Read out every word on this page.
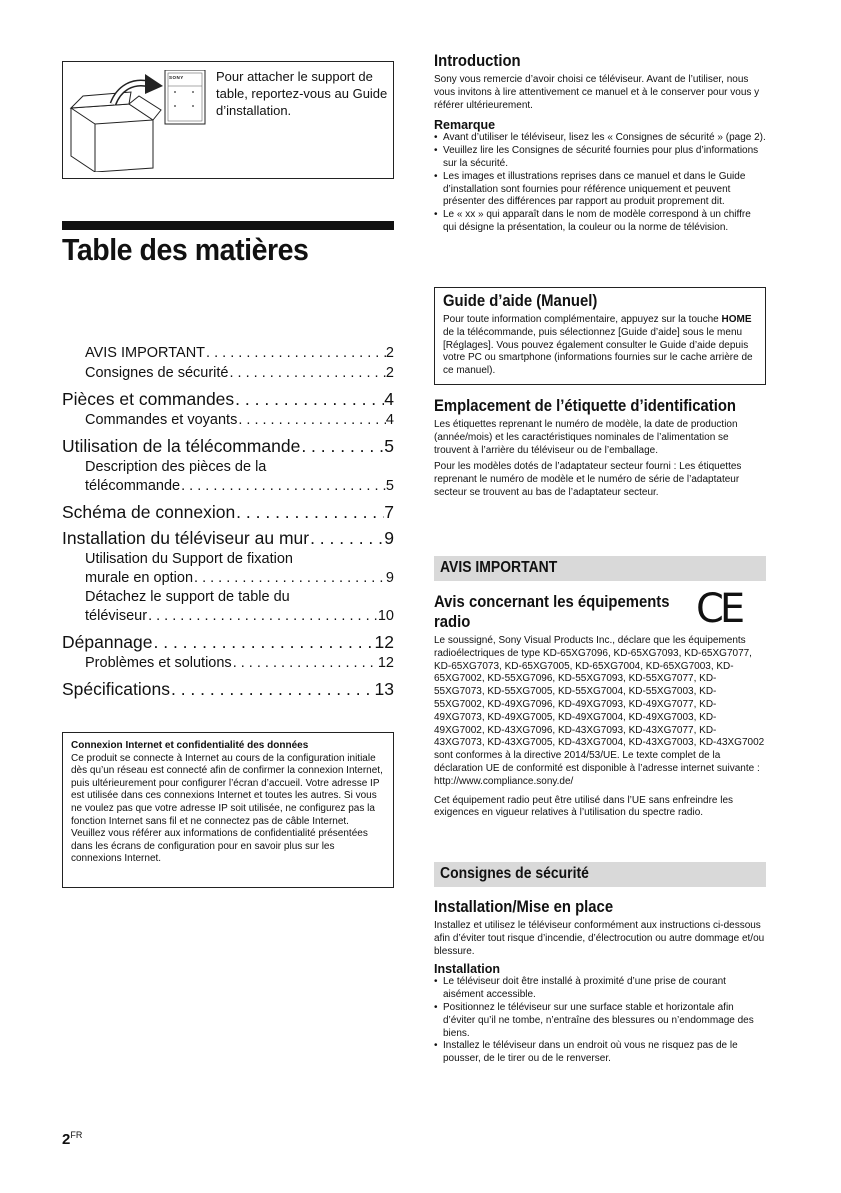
SONY Pour attacher le support de table, reportez-vous au Guide d’installation.
Table des matières
AVIS IMPORTANT . . .	2
Consignes de sécurité . . .	2
Pièces et commandes . . .	4
Commandes et voyants . . .	4
Utilisation de la télécommande . . .	5
Description des pièces de la
télécommande . . .	5
Schéma de connexion . . .	7
Installation du téléviseur au mur . . .	9
Utilisation du Support de fixation
murale en option . . .	9
Détachez le support de table du
téléviseur . . .	10
Dépannage . . .	12
Problèmes et solutions . . .	12
Spécifications . . .	13
Connexion Internet et confidentialité des données
Ce produit se connecte à Internet au cours de la configuration initiale dès qu’un réseau est connecté afin de confirmer la connexion Internet, puis ultérieurement pour configurer l’écran d’accueil. Votre adresse IP est utilisée dans ces connexions Internet et toutes les autres. Si vous ne voulez pas que votre adresse IP soit utilisée, ne configurez pas la fonction Internet sans fil et ne connectez pas de câble Internet. Veuillez vous référer aux informations de confidentialité présentées dans les écrans de configuration pour en savoir plus sur les connexions Internet.
$2^{FR}$
Introduction
Sony vous remercie d’avoir choisi ce téléviseur. Avant de l’utiliser, nous vous invitons à lire attentivement ce manuel et à le conserver pour vous y référer ultérieurement.
Remarque
• Avant d’utiliser le téléviseur, lisez les « Consignes de sécurité » (page 2).
• Veuillez lire les Consignes de sécurité fournies pour plus d’informations sur la sécurité.
• Les images et illustrations reprises dans ce manuel et dans le Guide d’installation sont fournies pour référence uniquement et peuvent présenter des différences par rapport au produit proprement dit.
• Le « xx » qui apparaît dans le nom de modèle correspond à un chiffre qui désigne la présentation, la couleur ou la norme de télévision.
Guide d’aide (Manuel)
Pour toute information complémentaire, appuyez sur la touche HOME de la télécommande, puis sélectionnez [Guide d’aide] sous le menu [Réglages]. Vous pouvez également consulter le Guide d’aide depuis votre PC ou smartphone (informations fournies sur le cache arrière de ce manuel).
Emplacement de l’étiquette d’identification
Les étiquettes reprenant le numéro de modèle, la date de production (année/mois) et les caractéristiques nominales de l’alimentation se trouvent à l’arrière du téléviseur ou de l’emballage.
Pour les modèles dotés de l’adaptateur secteur fourni : Les étiquettes reprenant le numéro de modèle et le numéro de série de l’adaptateur secteur se trouvent au bas de l’adaptateur secteur.
AVIS IMPORTANT
Avis concernant les équipements
radio	CE
Le soussigné, Sony Visual Products Inc., déclare que les équipements radioélectriques de type KD-65XG7096, KD-65XG7093, KD-65XG7077, KD-65XG7073, KD-65XG7005, KD-65XG7004, KD-65XG7003, KD-65XG7002, KD-55XG7096, KD-55XG7093, KD-55XG7077, KD-55XG7073, KD-55XG7005, KD-55XG7004, KD-55XG7003, KD-55XG7002, KD-49XG7096, KD-49XG7093, KD-49XG7077, KD-49XG7073, KD-49XG7005, KD-49XG7004, KD-49XG7003, KD-49XG7002, KD-43XG7096, KD-43XG7093, KD-43XG7077, KD-43XG7073, KD-43XG7005, KD-43XG7004, KD-43XG7003, KD-43XG7002 sont conformes à la directive 2014/53/UE. Le texte complet de la déclaration UE de conformité est disponible à l’adresse internet suivante : http://www.compliance.sony.de/
Cet équipement radio peut être utilisé dans l’UE sans enfreindre les exigences en vigueur relatives à l’utilisation du spectre radio.
Consignes de sécurité
Installation/Mise en place
Installez et utilisez le téléviseur conformément aux instructions ci-dessous afin d’éviter tout risque d’incendie, d’électrocution ou autre dommage et/ou blessure.
Installation
• Le téléviseur doit être installé à proximité d’une prise de courant aisément accessible.
• Positionnez le téléviseur sur une surface stable et horizontale afin d’éviter qu’il ne tombe, n’entraîne des blessures ou n’endommage des biens.
• Installez le téléviseur dans un endroit où vous ne risquez pas de le pousser, de le tirer ou de le renverser.
